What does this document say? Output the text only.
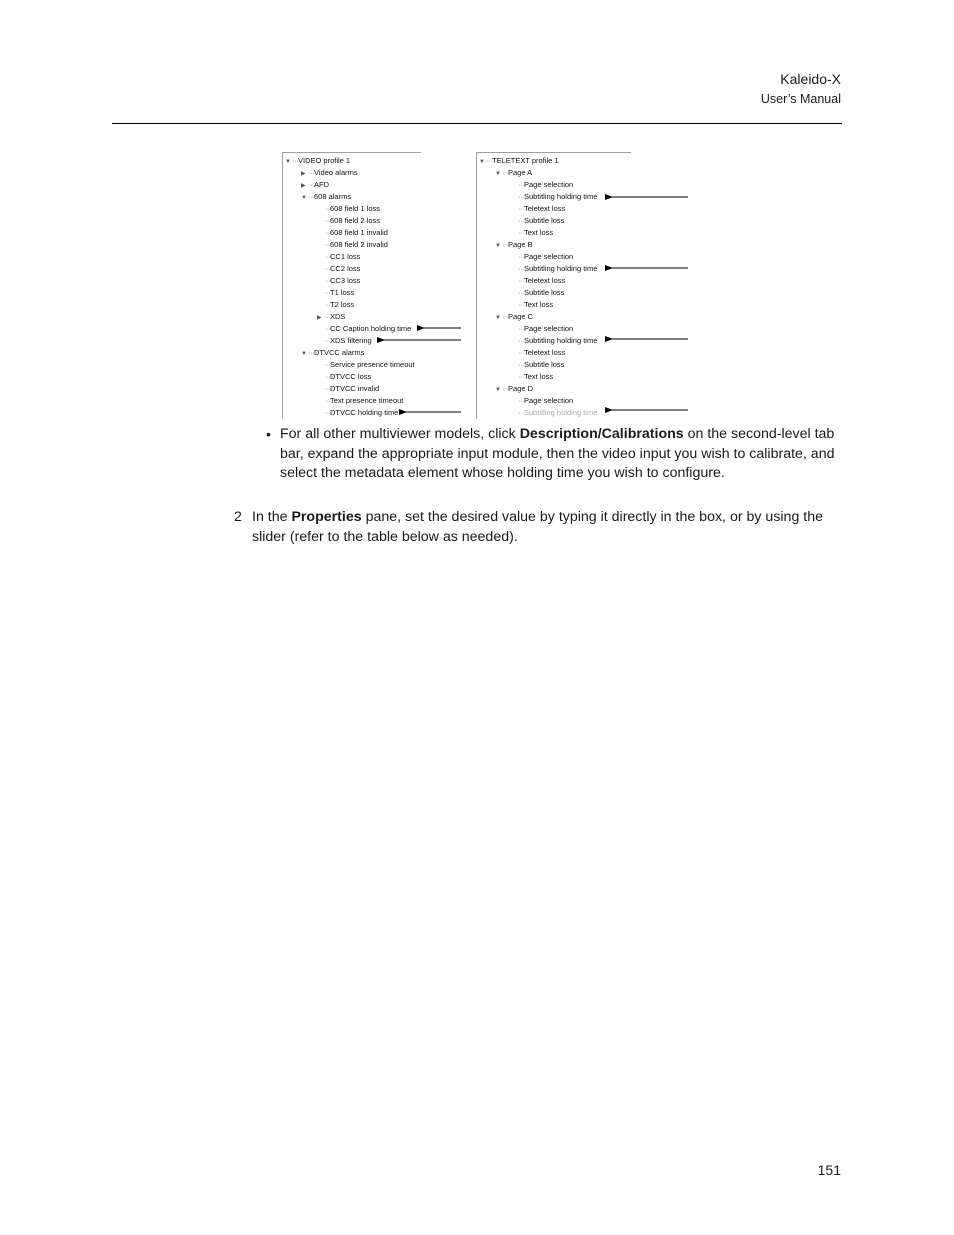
Kaleido-X
User’s Manual
▼···VIDEO profile 1
▶ ···Video alarms
▶ ···AFD
▼···608 alarms
···608 field 1 loss
···608 field 2 loss
···608 field 1 invalid
···608 field 2 invalid
···CC1 loss
···CC2 loss
···CC3 loss
···T1 loss
···T2 loss
▶ ···XDS
···CC Caption holding time
···XDS filtering
▼···DTVCC alarms
···Service presence timeout
···DTVCC loss
···DTVCC invalid
···Text presence timeout
···DTVCC holding time
▼···TELETEXT profile 1
▼···Page A
···Page selection
···Subtitling holding time
···Teletext loss
···Subtitle loss
···Text loss
▼···Page B
···Page selection
···Subtitling holding time
···Teletext loss
···Subtitle loss
···Text loss
▼···Page C
···Page selection
···Subtitling holding time
···Teletext loss
···Subtitle loss
···Text loss
▼···Page D
···Page selection
···Subtitling holding time
• For all other multiviewer models, click Description/Calibrations on the second-level tab bar, expand the appropriate input module, then the video input you wish to calibrate, and select the metadata element whose holding time you wish to configure.
2 In the Properties pane, set the desired value by typing it directly in the box, or by using the slider (refer to the table below as needed).
151
